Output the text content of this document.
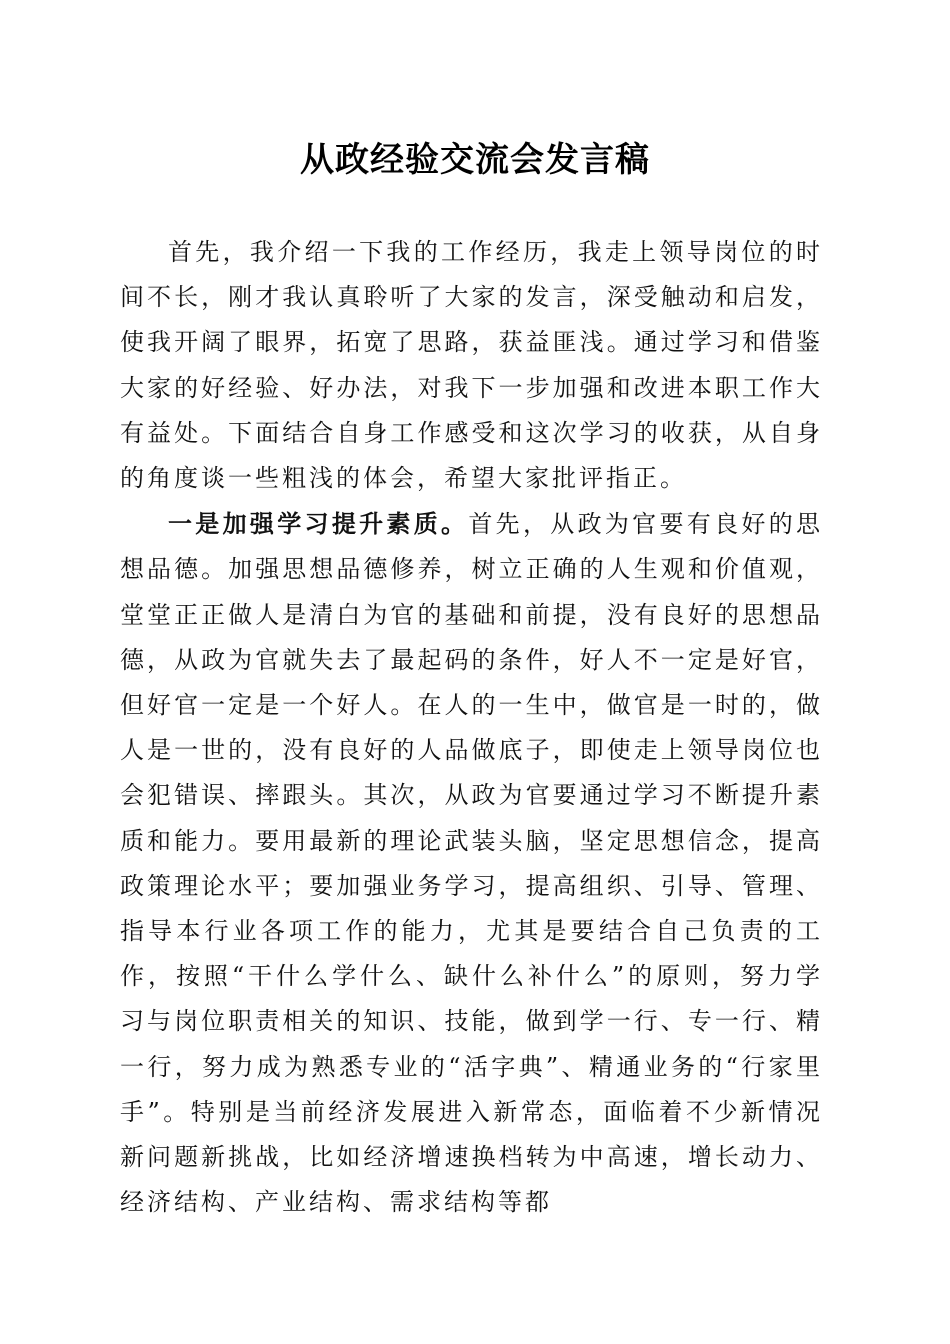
从政经验交流会发言稿

首先，我介绍一下我的工作经历，我走上领导岗位的时间不长，刚才我认真聆听了大家的发言，深受触动和启发，使我开阔了眼界，拓宽了思路，获益匪浅。通过学习和借鉴大家的好经验、好办法，对我下一步加强和改进本职工作大有益处。下面结合自身工作感受和这次学习的收获，从自身的角度谈一些粗浅的体会，希望大家批评指正。

一是加强学习提升素质。首先，从政为官要有良好的思想品德。加强思想品德修养，树立正确的人生观和价值观，堂堂正正做人是清白为官的基础和前提，没有良好的思想品德，从政为官就失去了最起码的条件，好人不一定是好官，但好官一定是一个好人。在人的一生中，做官是一时的，做人是一世的，没有良好的人品做底子，即使走上领导岗位也会犯错误、摔跟头。其次，从政为官要通过学习不断提升素质和能力。要用最新的理论武装头脑，坚定思想信念，提高政策理论水平；要加强业务学习，提高组织、引导、管理、指导本行业各项工作的能力，尤其是要结合自己负责的工作，按照“干什么学什么、缺什么补什么”的原则，努力学习与岗位职责相关的知识、技能，做到学一行、专一行、精一行，努力成为熟悉专业的“活字典”、精通业务的“行家里手”。特别是当前经济发展进入新常态，面临着不少新情况新问题新挑战，比如经济增速换档转为中高速，增长动力、经济结构、产业结构、需求结构等都
